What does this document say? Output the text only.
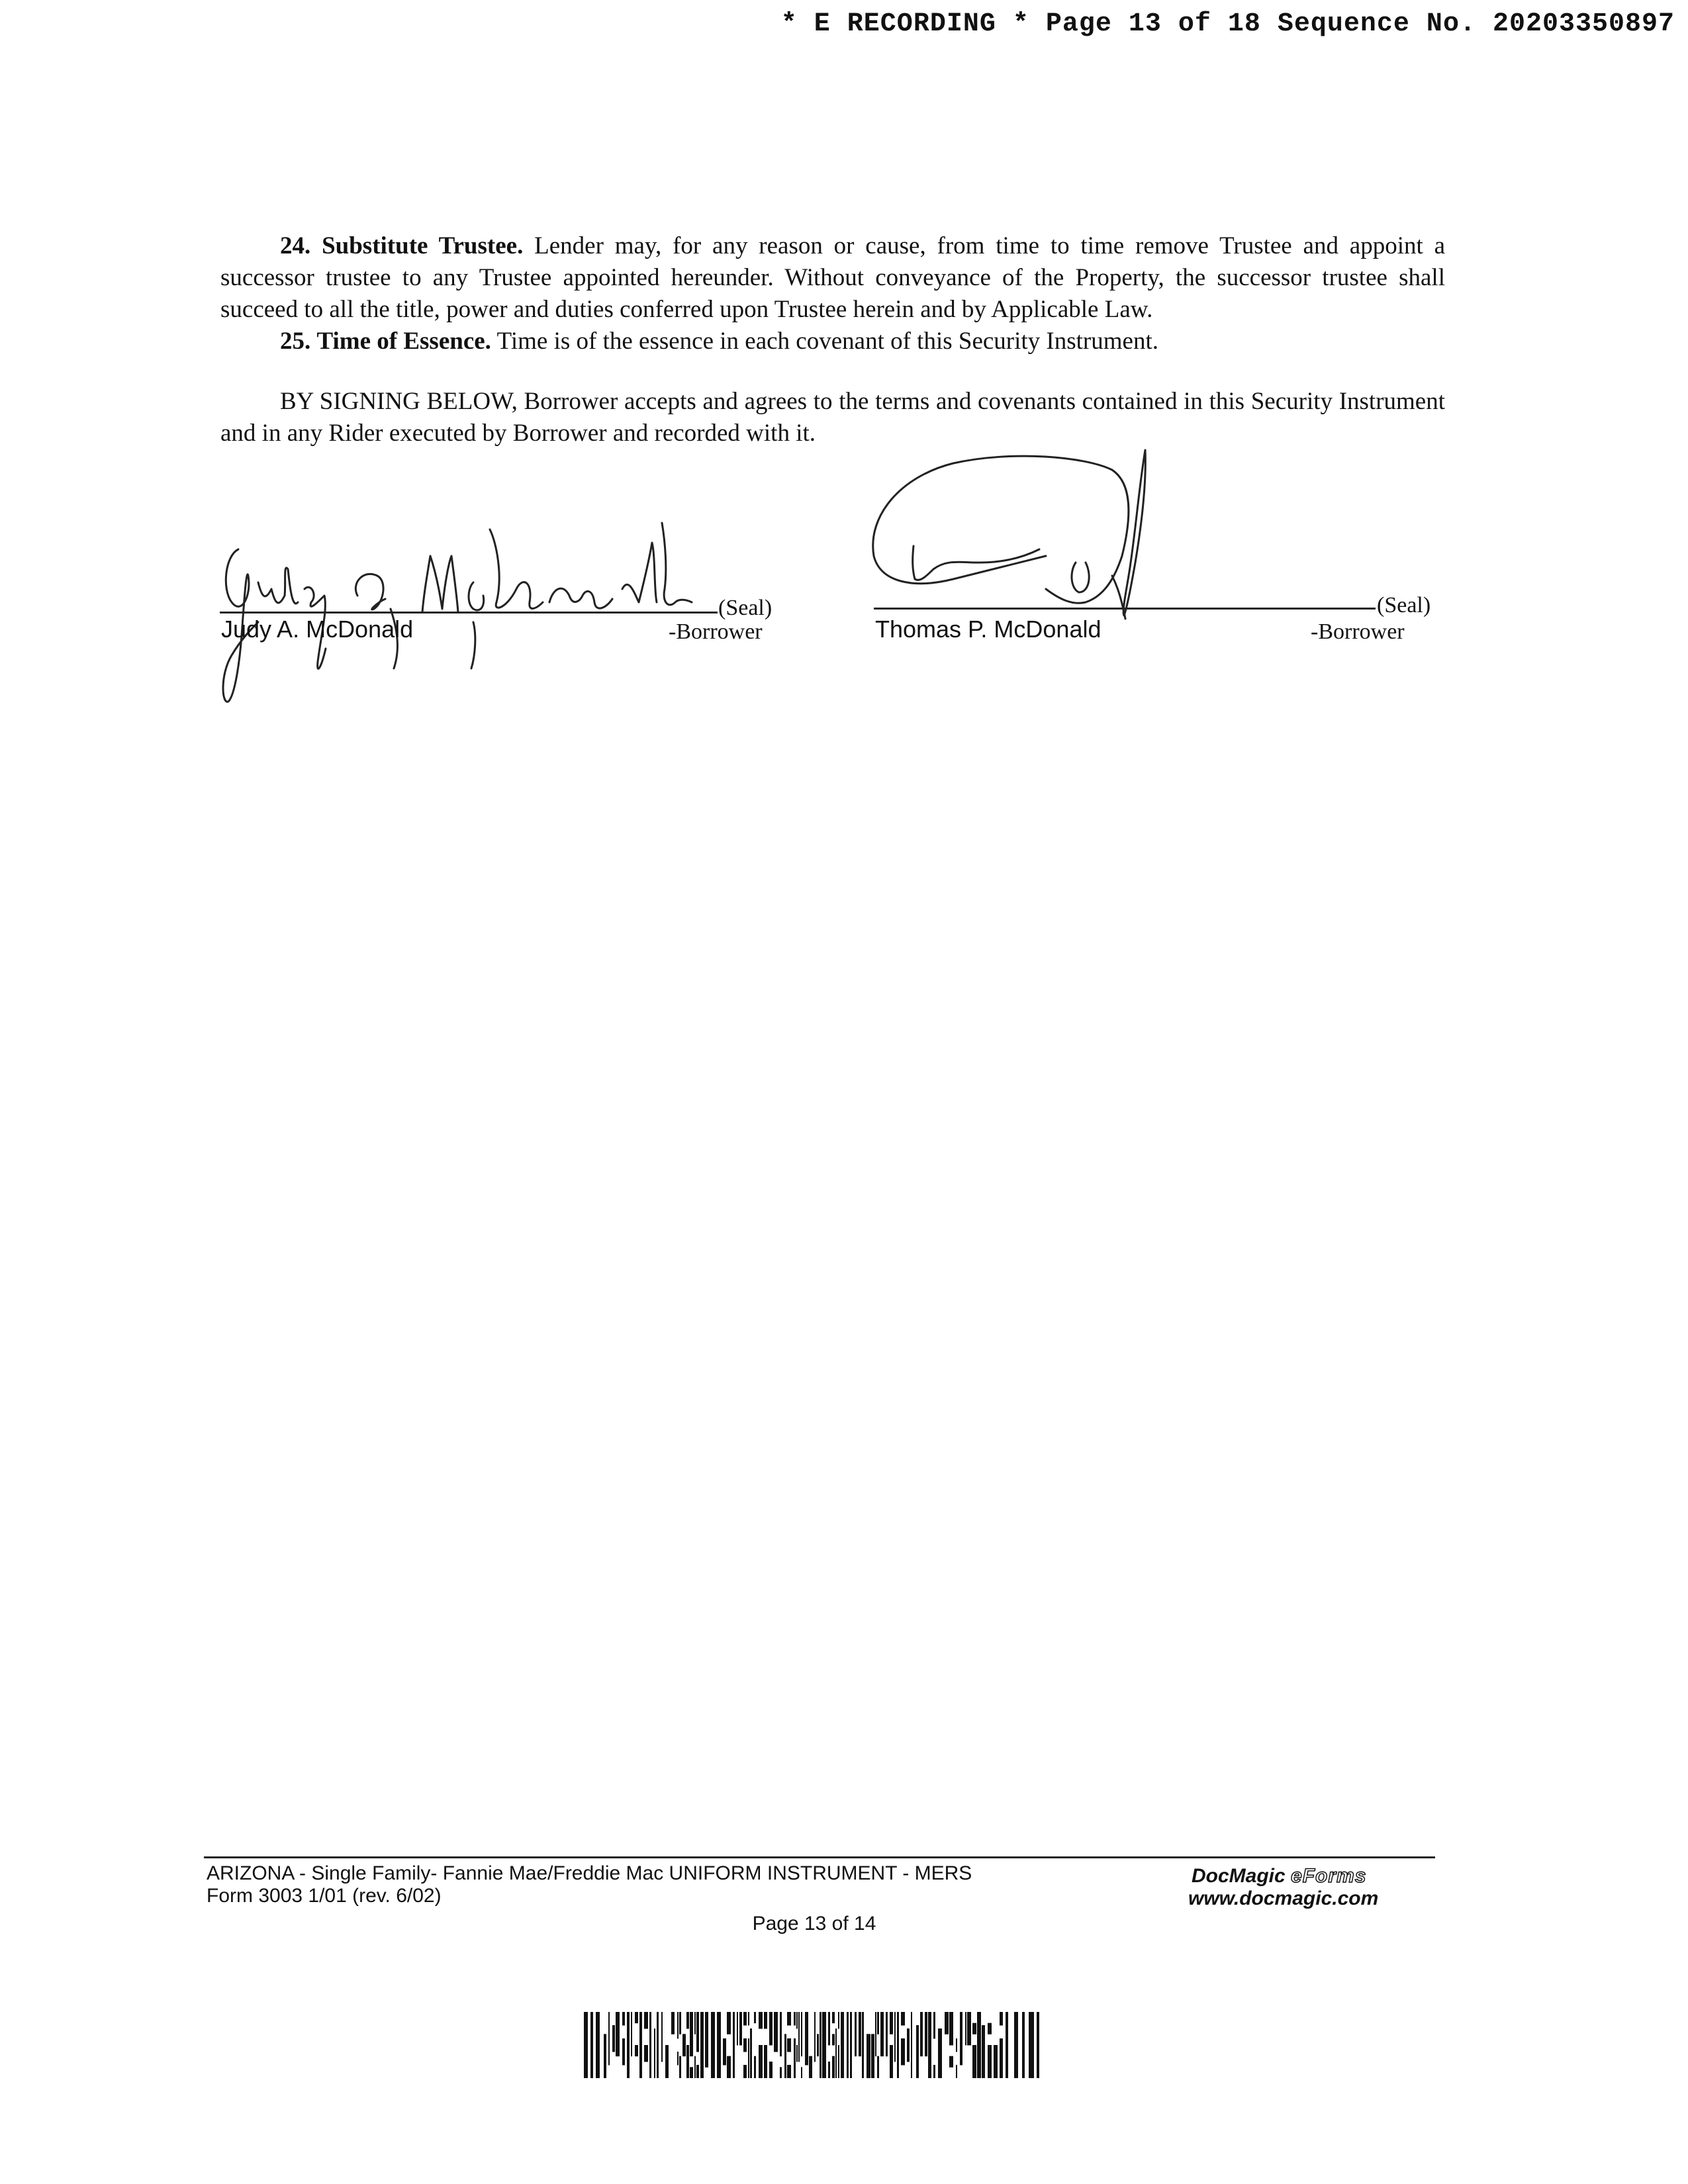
* E RECORDING * Page 13 of 18 Sequence No. 20203350897
24. Substitute Trustee. Lender may, for any reason or cause, from time to time remove Trustee and appoint a successor trustee to any Trustee appointed hereunder. Without conveyance of the Property, the successor trustee shall succeed to all the title, power and duties conferred upon Trustee herein and by Applicable Law.
25. Time of Essence. Time is of the essence in each covenant of this Security Instrument.
BY SIGNING BELOW, Borrower accepts and agrees to the terms and covenants contained in this Security Instrument and in any Rider executed by Borrower and recorded with it.
(Seal)
Judy A. McDonald	-Borrower
(Seal)
Thomas P. McDonald	-Borrower
ARIZONA - Single Family- Fannie Mae/Freddie Mac UNIFORM INSTRUMENT - MERS
Form 3003 1/01 (rev. 6/02)
Page 13 of 14
DocMagic eForms
www.docmagic.com
